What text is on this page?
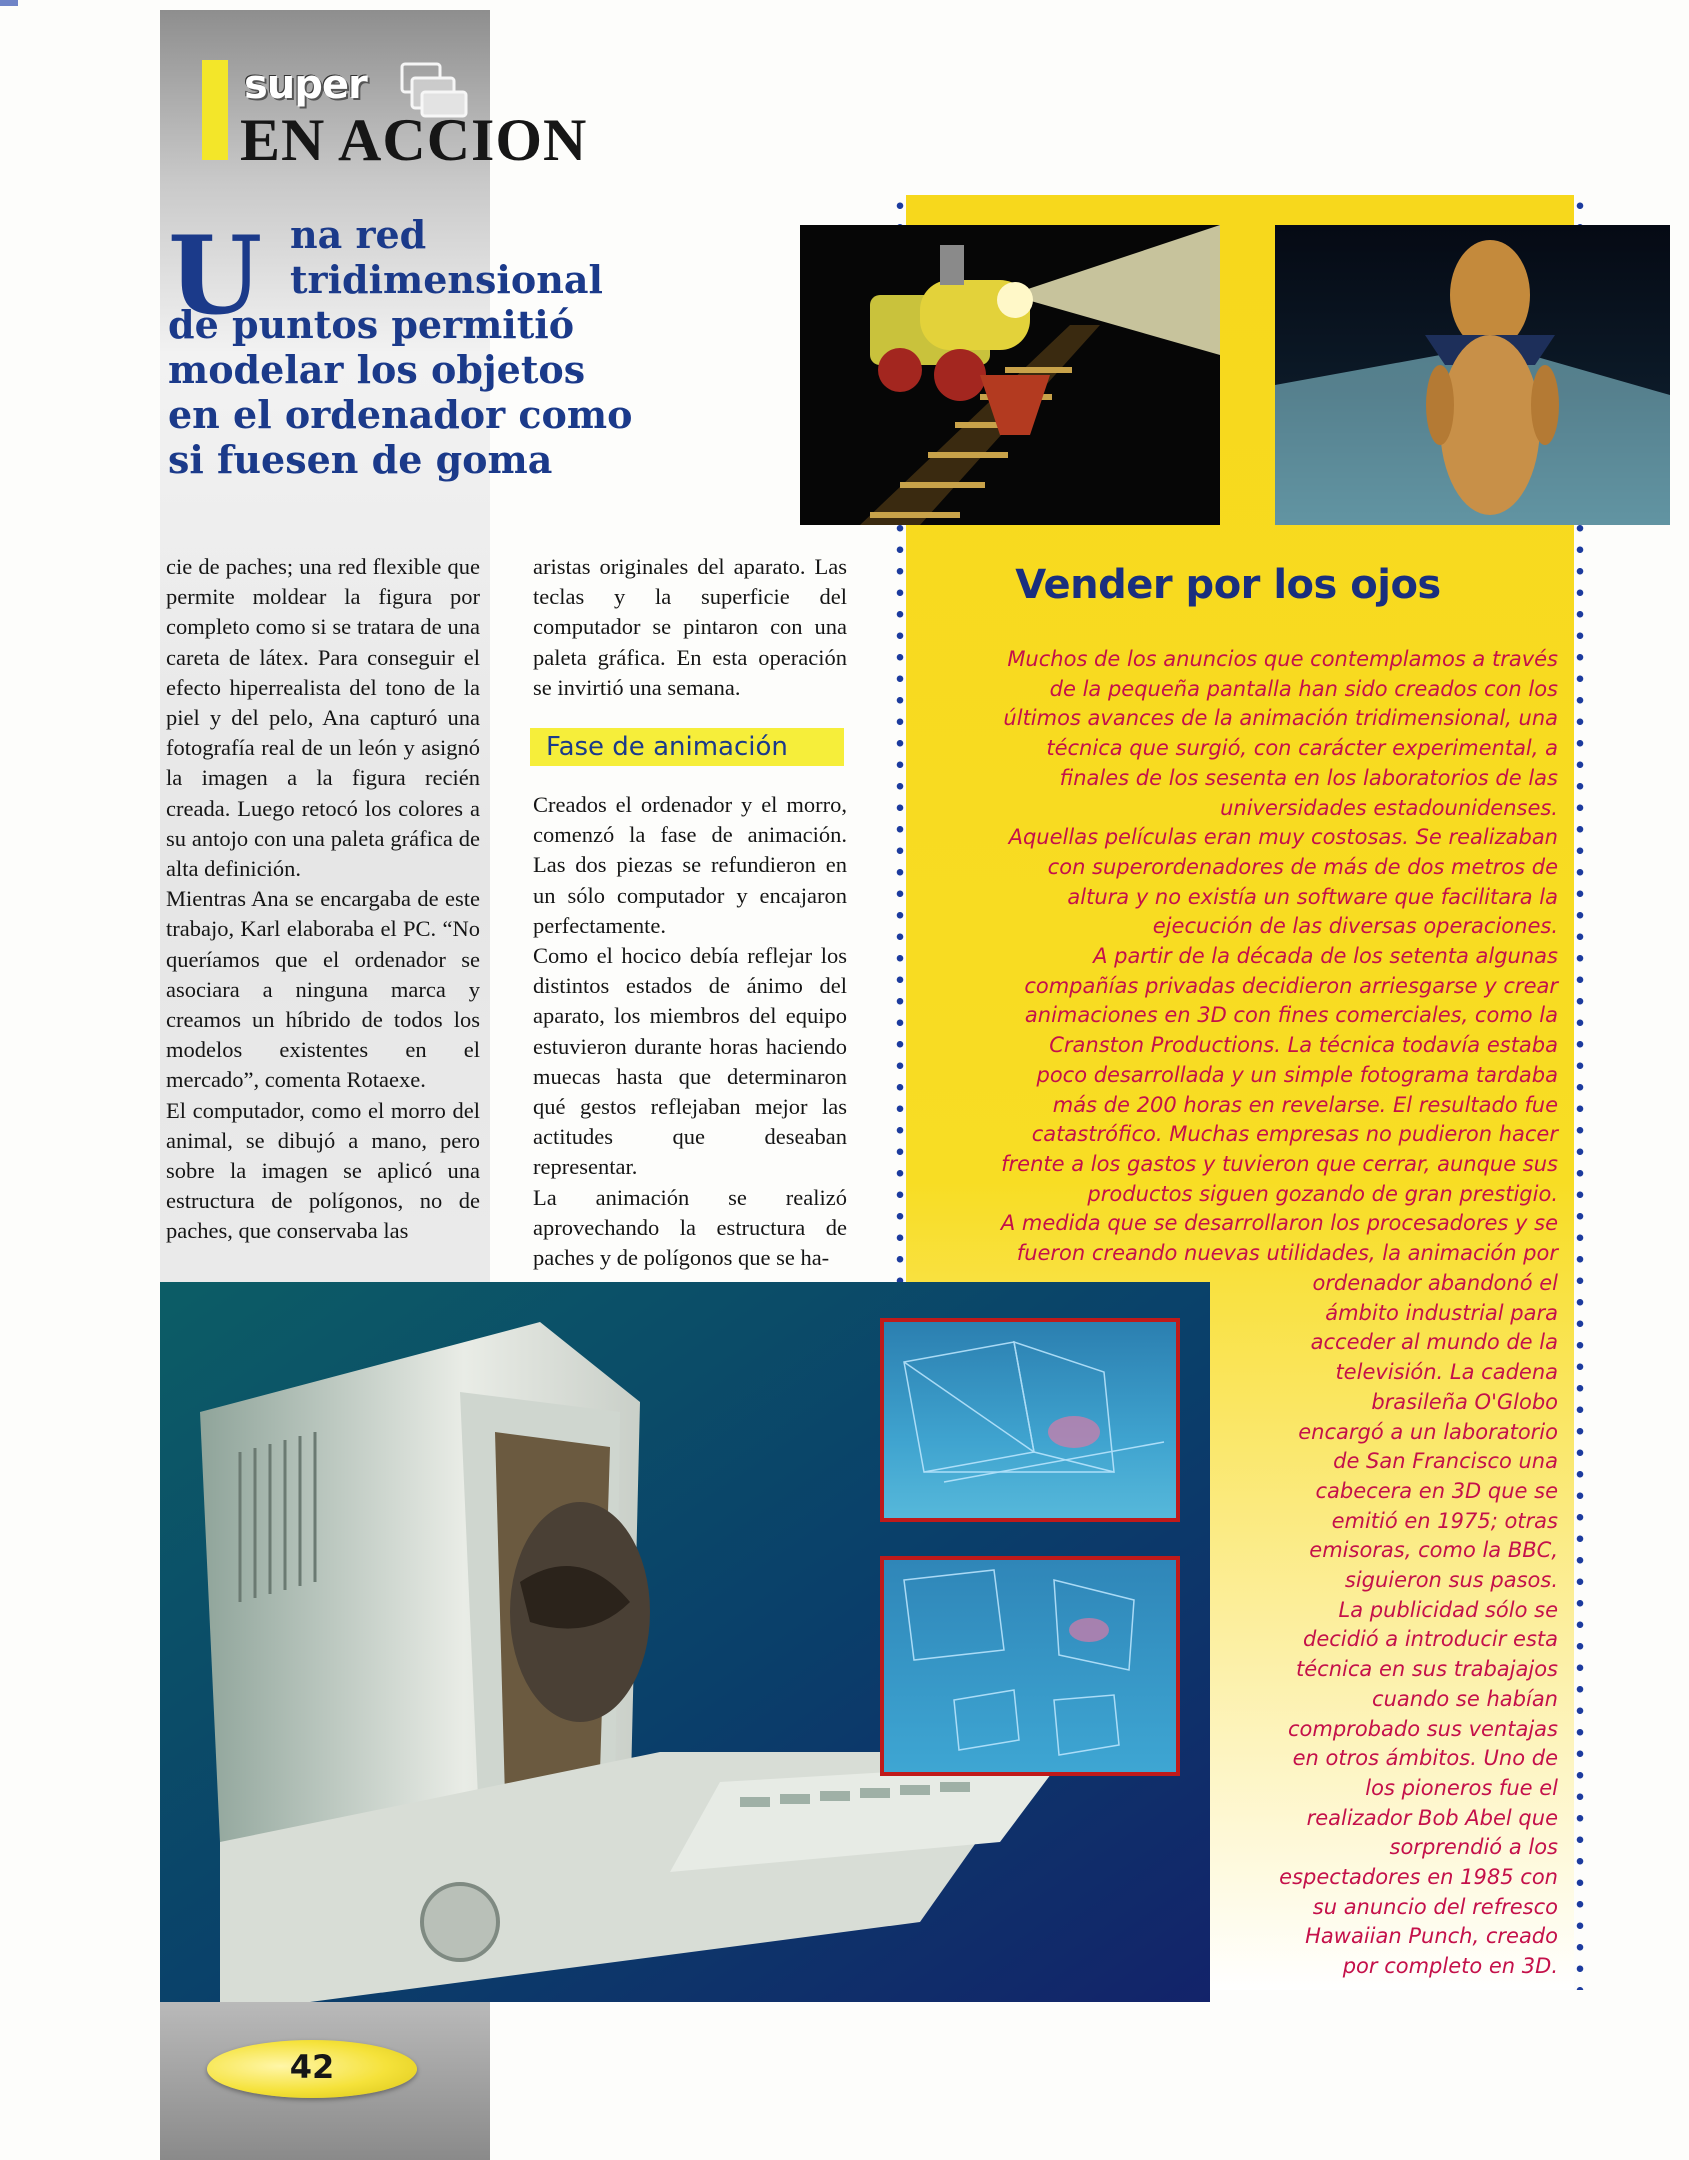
super
EN ACCION
U na red
tridimensional
de puntos permitió
modelar los objetos
en el ordenador como
si fuesen de goma

cie de paches; una red flexible que permite moldear la figura por completo como si se tratara de una careta de látex. Para conseguir el efecto hiperrealista del tono de la piel y del pelo, Ana capturó una fotografía real de un león y asignó la imagen a la figura recién creada. Luego retocó los colores a su antojo con una paleta gráfica de alta definición.

Mientras Ana se encargaba de este trabajo, Karl elaboraba el PC. “No queríamos que el ordenador se asociara a ninguna marca y creamos un híbrido de todos los modelos existentes en el mercado”, comenta Rotaexe.

El computador, como el morro del animal, se dibujó a mano, pero sobre la imagen se aplicó una estructura de polígonos, no de paches, que conservaba las

aristas originales del aparato. Las teclas y la superficie del computador se pintaron con una paleta gráfica. En esta operación se invirtió una semana.

Fase de animación

Creados el ordenador y el morro, comenzó la fase de animación. Las dos piezas se refundieron en un sólo computador y encajaron perfectamente.

Como el hocico debía reflejar los distintos estados de ánimo del aparato, los miembros del equipo estuvieron durante horas haciendo muecas hasta que determinaron qué gestos reflejaban mejor las actitudes que deseaban representar.

La animación se realizó aprovechando la estructura de paches y de polígonos que se ha-

Vender por los ojos
Muchos de los anuncios que contemplamos a través
de la pequeña pantalla han sido creados con los
últimos avances de la animación tridimensional, una
técnica que surgió, con carácter experimental, a
finales de los sesenta en los laboratorios de las
universidades estadounidenses.
Aquellas películas eran muy costosas. Se realizaban
con superordenadores de más de dos metros de
altura y no existía un software que facilitara la
ejecución de las diversas operaciones.
A partir de la década de los setenta algunas
compañías privadas decidieron arriesgarse y crear
animaciones en 3D con fines comerciales, como la
Cranston Productions. La técnica todavía estaba
poco desarrollada y un simple fotograma tardaba
más de 200 horas en revelarse. El resultado fue
catastrófico. Muchas empresas no pudieron hacer
frente a los gastos y tuvieron que cerrar, aunque sus
productos siguen gozando de gran prestigio.
A medida que se desarrollaron los procesadores y se
fueron creando nuevas utilidades, la animación por
ordenador abandonó el
ámbito industrial para
acceder al mundo de la
televisión. La cadena
brasileña O'Globo
encargó a un laboratorio
de San Francisco una
cabecera en 3D que se
emitió en 1975; otras
emisoras, como la BBC,
siguieron sus pasos.
La publicidad sólo se
decidió a introducir esta
técnica en sus trabajajos
cuando se habían
comprobado sus ventajas
en otros ámbitos. Uno de
los pioneros fue el
realizador Bob Abel que
sorprendió a los
espectadores en 1985 con
su anuncio del refresco
Hawaiian Punch, creado
por completo en 3D.
42
